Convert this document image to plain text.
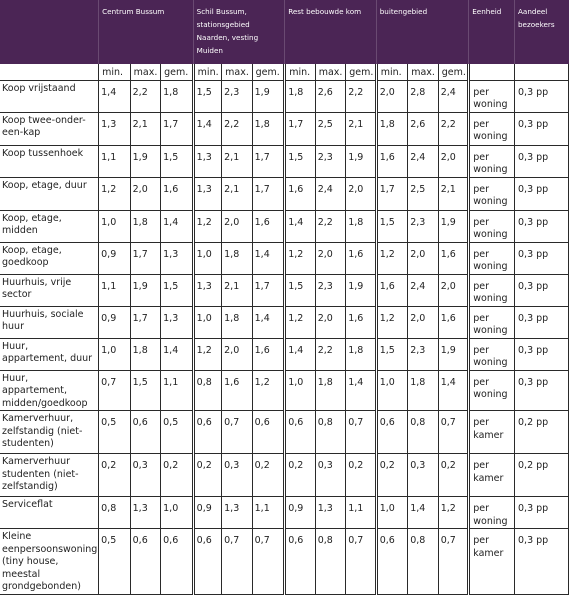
	Centrum Bussum			Schil Bussum, stationsgebied Naarden, vesting Muiden			Rest bebouwde kom			buitengebied			Eenheid	Aandeel bezoekers
	min.	max.	gem.	min.	max.	gem.	min.	max.	gem.	min.	max.	gem.		
Koop vrijstaand	1,4	2,2	1,8	1,5	2,3	1,9	1,8	2,6	2,2	2,0	2,8	2,4	per woning	0,3 pp
Koop twee-onder-een-kap	1,3	2,1	1,7	1,4	2,2	1,8	1,7	2,5	2,1	1,8	2,6	2,2	per woning	0,3 pp
Koop tussenhoek	1,1	1,9	1,5	1,3	2,1	1,7	1,5	2,3	1,9	1,6	2,4	2,0	per woning	0,3 pp
Koop, etage, duur	1,2	2,0	1,6	1,3	2,1	1,7	1,6	2,4	2,0	1,7	2,5	2,1	per woning	0,3 pp
Koop, etage, midden	1,0	1,8	1,4	1,2	2,0	1,6	1,4	2,2	1,8	1,5	2,3	1,9	per woning	0,3 pp
Koop, etage, goedkoop	0,9	1,7	1,3	1,0	1,8	1,4	1,2	2,0	1,6	1,2	2,0	1,6	per woning	0,3 pp
Huurhuis, vrije sector	1,1	1,9	1,5	1,3	2,1	1,7	1,5	2,3	1,9	1,6	2,4	2,0	per woning	0,3 pp
Huurhuis, sociale huur	0,9	1,7	1,3	1,0	1,8	1,4	1,2	2,0	1,6	1,2	2,0	1,6	per woning	0,3 pp
Huur, appartement, duur	1,0	1,8	1,4	1,2	2,0	1,6	1,4	2,2	1,8	1,5	2,3	1,9	per woning	0,3 pp
Huur, appartement, midden/goedkoop	0,7	1,5	1,1	0,8	1,6	1,2	1,0	1,8	1,4	1,0	1,8	1,4	per woning	0,3 pp
Kamerverhuur, zelfstandig (niet-studenten)	0,5	0,6	0,5	0,6	0,7	0,6	0,6	0,8	0,7	0,6	0,8	0,7	per kamer	0,2 pp
Kamerverhuur studenten (niet-zelfstandig)	0,2	0,3	0,2	0,2	0,3	0,2	0,2	0,3	0,2	0,2	0,3	0,2	per kamer	0,2 pp
Serviceflat	0,8	1,3	1,0	0,9	1,3	1,1	0,9	1,3	1,1	1,0	1,4	1,2	per woning	0,3 pp
Kleine eenpersoonswoning (tiny house, meestal grondgebonden)	0,5	0,6	0,6	0,6	0,7	0,7	0,6	0,8	0,7	0,6	0,8	0,7	per kamer	0,3 pp
